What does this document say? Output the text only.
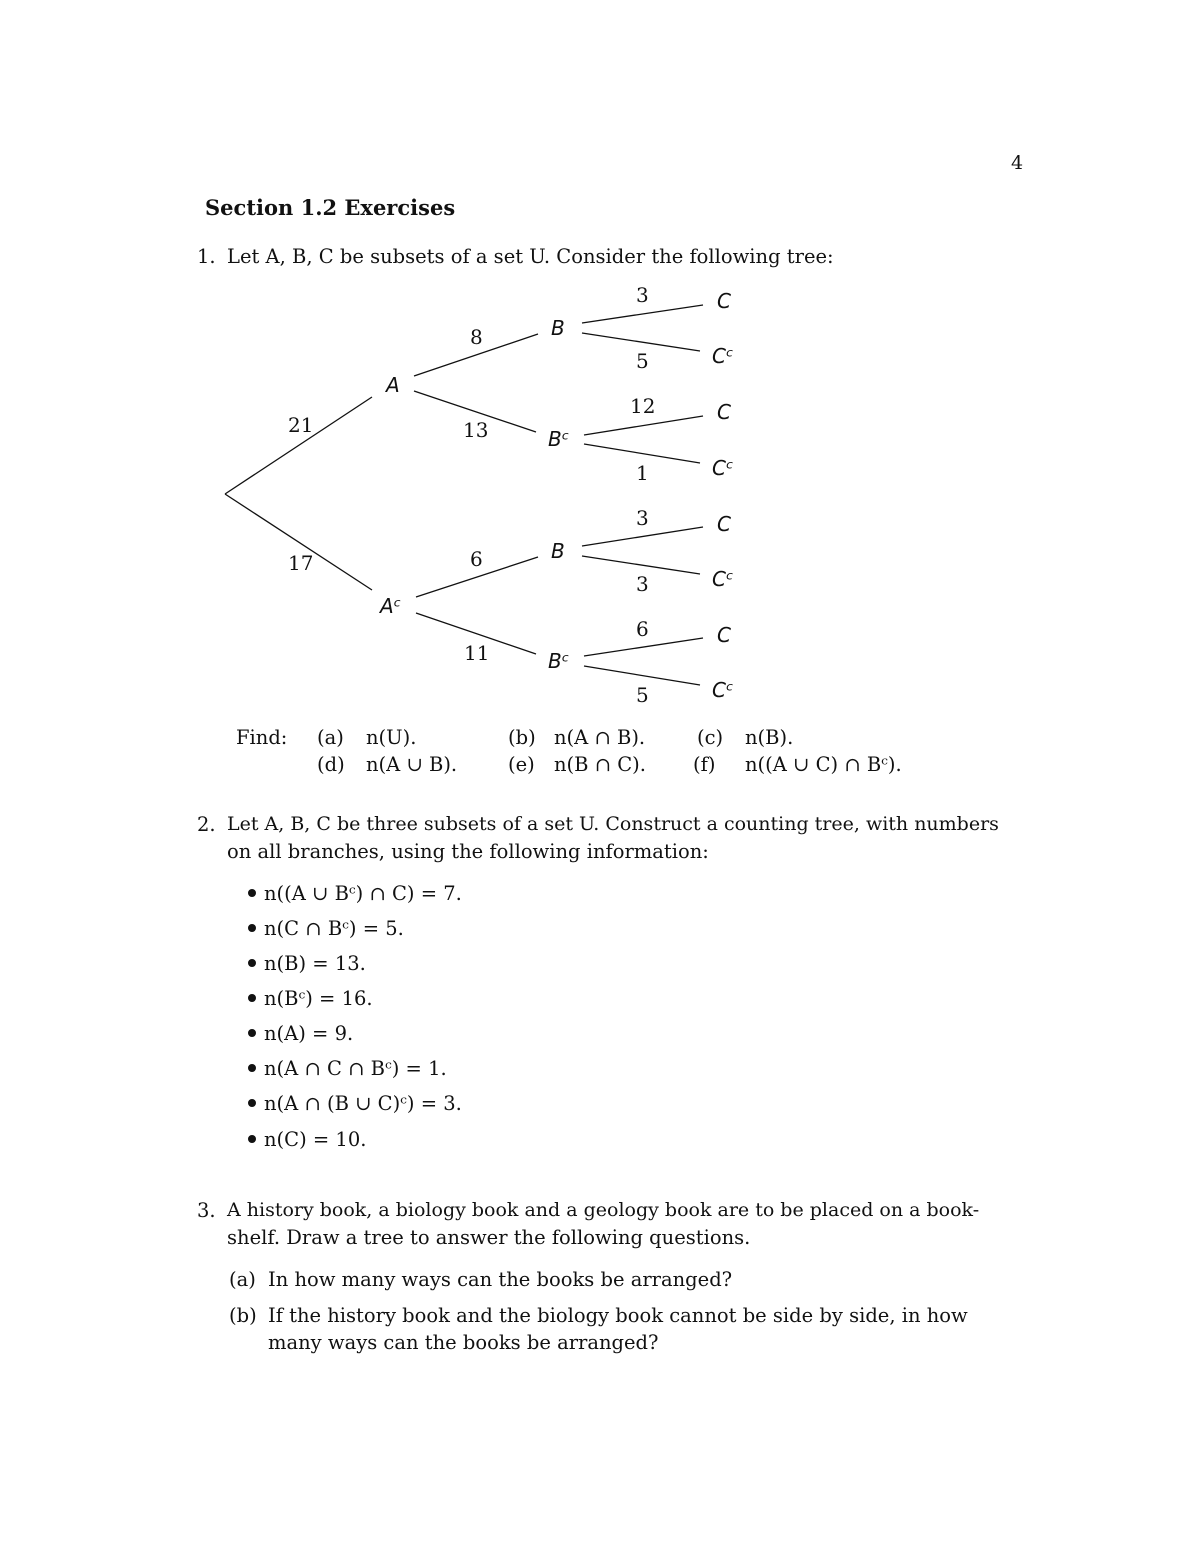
4
Section 1.2 Exercises
1. Let A, B, C be subsets of a set U. Consider the following tree:
A
Aᶜ
21
17
B
Bᶜ
B
Bᶜ
8
13
6
11
C
Cᶜ
C
Cᶜ
C
Cᶜ
C
Cᶜ
3
5
12
1
3
3
6
5
Find: (a) n(U).	(b) n(A ∩ B).	(c) n(B).
(d) n(A ∪ B).	(e) n(B ∩ C). (f) n((A ∪ C) ∩ Bᶜ).
2. Let A, B, C be three subsets of a set U. Construct a counting tree, with numbers
on all branches, using the following information:
n((A ∪ Bᶜ) ∩ C) = 7.
n(C ∩ Bᶜ) = 5.
n(B) = 13.
n(Bᶜ) = 16.
n(A) = 9.
n(A ∩ C ∩ Bᶜ) = 1.
n(A ∩ (B ∪ C)ᶜ) = 3.
n(C) = 10.
3. A history book, a biology book and a geology book are to be placed on a book-
shelf. Draw a tree to answer the following questions.
(a) In how many ways can the books be arranged?
(b) If the history book and the biology book cannot be side by side, in how
many ways can the books be arranged?
